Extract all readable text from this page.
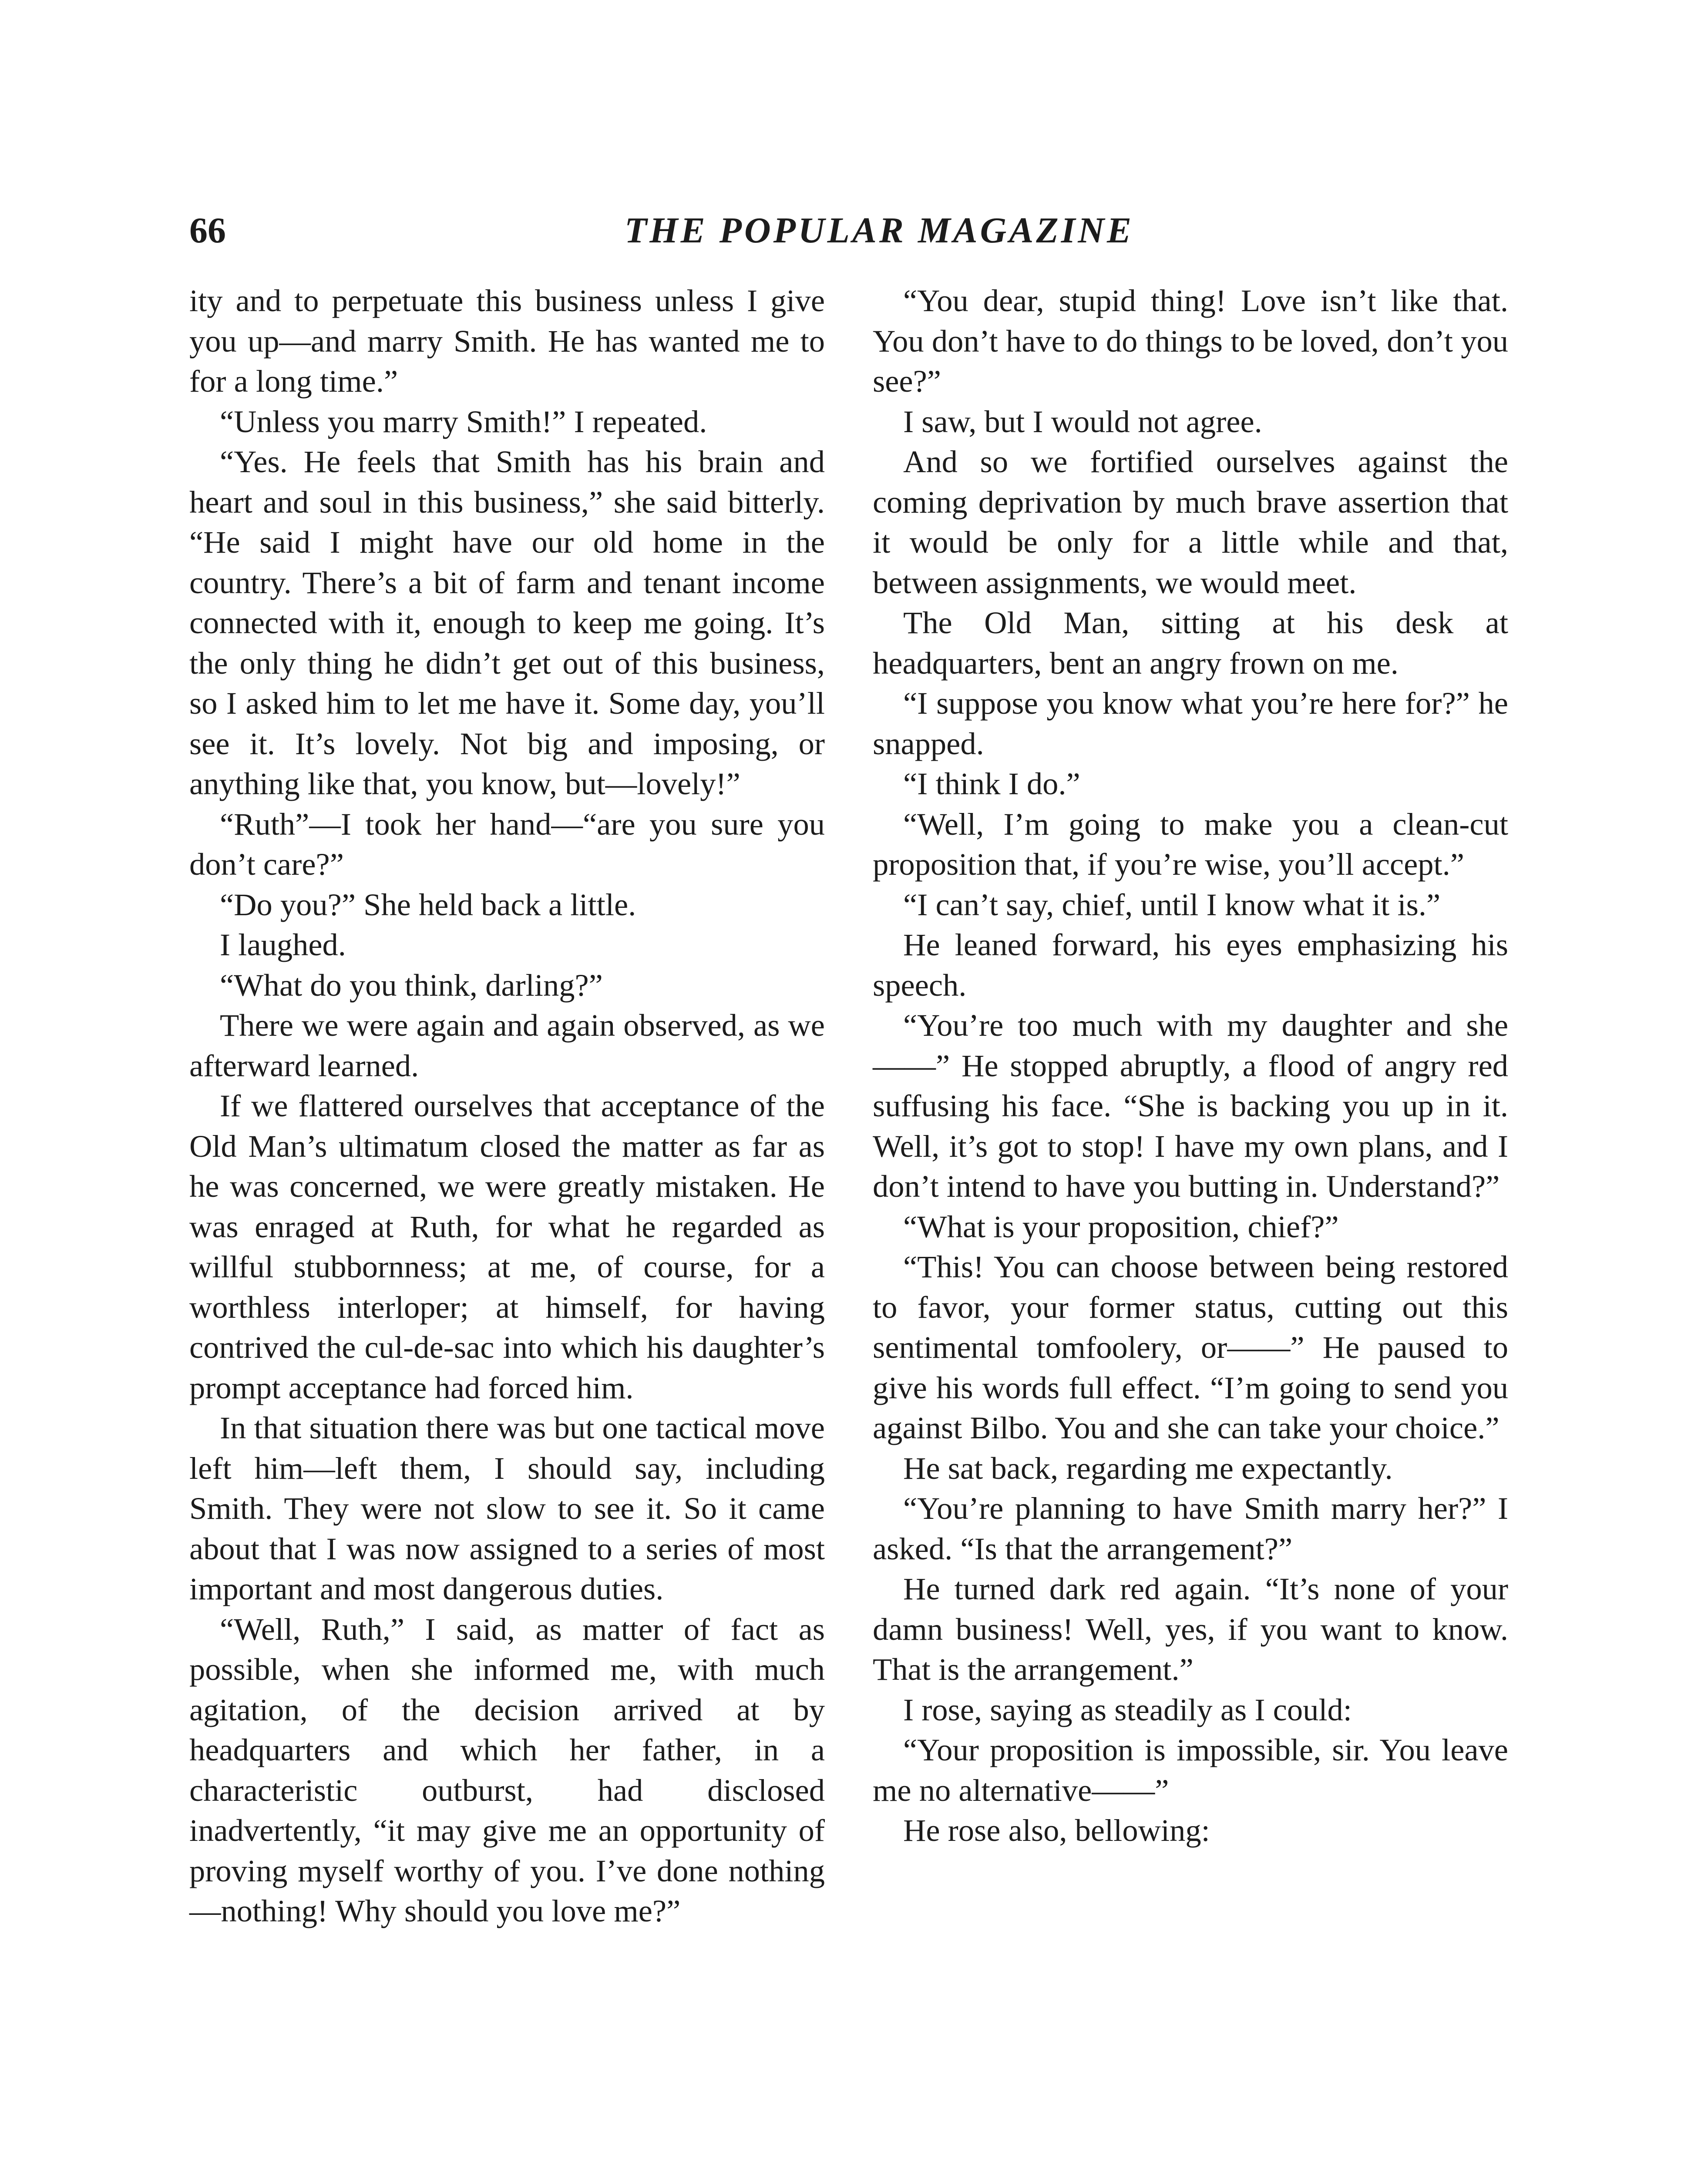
66	THE POPULAR MAGAZINE

ity and to perpetuate this business unless I give you up—and marry Smith. He has wanted me to for a long time.”

“Unless you marry Smith!” I repeated.

“Yes. He feels that Smith has his brain and heart and soul in this business,” she said bitterly. “He said I might have our old home in the country. There’s a bit of farm and tenant income connected with it, enough to keep me going. It’s the only thing he didn’t get out of this business, so I asked him to let me have it. Some day, you’ll see it. It’s lovely. Not big and imposing, or anything like that, you know, but—lovely!”

“Ruth”—I took her hand—“are you sure you don’t care?”

“Do you?” She held back a little.

I laughed.

“What do you think, darling?”

There we were again and again observed, as we afterward learned.

If we flattered ourselves that acceptance of the Old Man’s ultimatum closed the matter as far as he was concerned, we were greatly mistaken. He was enraged at Ruth, for what he regarded as willful stubbornness; at me, of course, for a worthless interloper; at himself, for having contrived the cul-de-sac into which his daughter’s prompt acceptance had forced him.

In that situation there was but one tactical move left him—left them, I should say, including Smith. They were not slow to see it. So it came about that I was now assigned to a series of most important and most dangerous duties.

“Well, Ruth,” I said, as matter of fact as possible, when she informed me, with much agitation, of the decision arrived at by headquarters and which her father, in a characteristic outburst, had disclosed inadvertently, “it may give me an opportunity of proving myself worthy of you. I’ve done nothing —nothing! Why should you love me?”

“You dear, stupid thing! Love isn’t like that. You don’t have to do things to be loved, don’t you see?”

I saw, but I would not agree.

And so we fortified ourselves against the coming deprivation by much brave assertion that it would be only for a little while and that, between assignments, we would meet.

The Old Man, sitting at his desk at headquarters, bent an angry frown on me.

“I suppose you know what you’re here for?” he snapped.

“I think I do.”

“Well, I’m going to make you a clean-cut proposition that, if you’re wise, you’ll accept.”

“I can’t say, chief, until I know what it is.”

He leaned forward, his eyes emphasizing his speech.

“You’re too much with my daughter and she——” He stopped abruptly, a flood of angry red suffusing his face. “She is backing you up in it. Well, it’s got to stop! I have my own plans, and I don’t intend to have you butting in. Understand?”

“What is your proposition, chief?”

“This! You can choose between being restored to favor, your former status, cutting out this sentimental tomfoolery, or——” He paused to give his words full effect. “I’m going to send you against Bilbo. You and she can take your choice.”

He sat back, regarding me expectantly.

“You’re planning to have Smith marry her?” I asked. “Is that the arrangement?”

He turned dark red again. “It’s none of your damn business! Well, yes, if you want to know. That is the arrangement.”

I rose, saying as steadily as I could:

“Your proposition is impossible, sir. You leave me no alternative——”

He rose also, bellowing:
